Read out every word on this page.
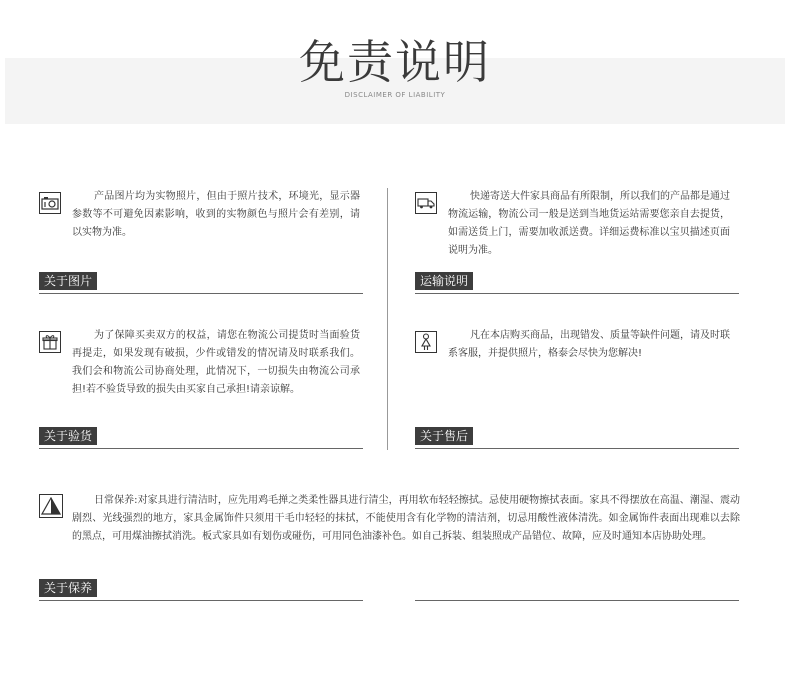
免责说明
DISCLAIMER OF LIABILITY
产品图片均为实物照片，但由于照片技术，环境光，显示器参数等不可避免因素影响，收到的实物颜色与照片会有差别，请以实物为准。
关于图片
快递寄送大件家具商品有所限制，所以我们的产品都是通过物流运输，物流公司一般是送到当地货运站需要您亲自去提货，如需送货上门，需要加收派送费。详细运费标准以宝贝描述页面说明为准。
运输说明
为了保障买卖双方的权益，请您在物流公司提货时当面验货再提走，如果发现有破损，少件或错发的情况请及时联系我们。我们会和物流公司协商处理，此情况下，一切损失由物流公司承担!若不验货导致的损失由买家自己承担!请亲谅解。
关于验货
凡在本店购买商品，出现错发、质量等缺件问题，请及时联系客服，并提供照片，格泰会尽快为您解决!
关于售后
日常保养:对家具进行清洁时，应先用鸡毛掸之类柔性器具进行清尘，再用软布轻轻擦拭。忌使用硬物擦拭表面。家具不得摆放在高温、潮湿、震动剧烈、光线强烈的地方，家具金属饰件只须用干毛巾轻轻的抹拭，不能使用含有化学物的清洁剂，切忌用酸性液体清洗。如金属饰件表面出现难以去除的黑点，可用煤油擦拭消洗。板式家具如有划伤或碰伤，可用同色油漆补色。如自己拆装、组装照成产品错位、故障，应及时通知本店协助处理。
关于保养
